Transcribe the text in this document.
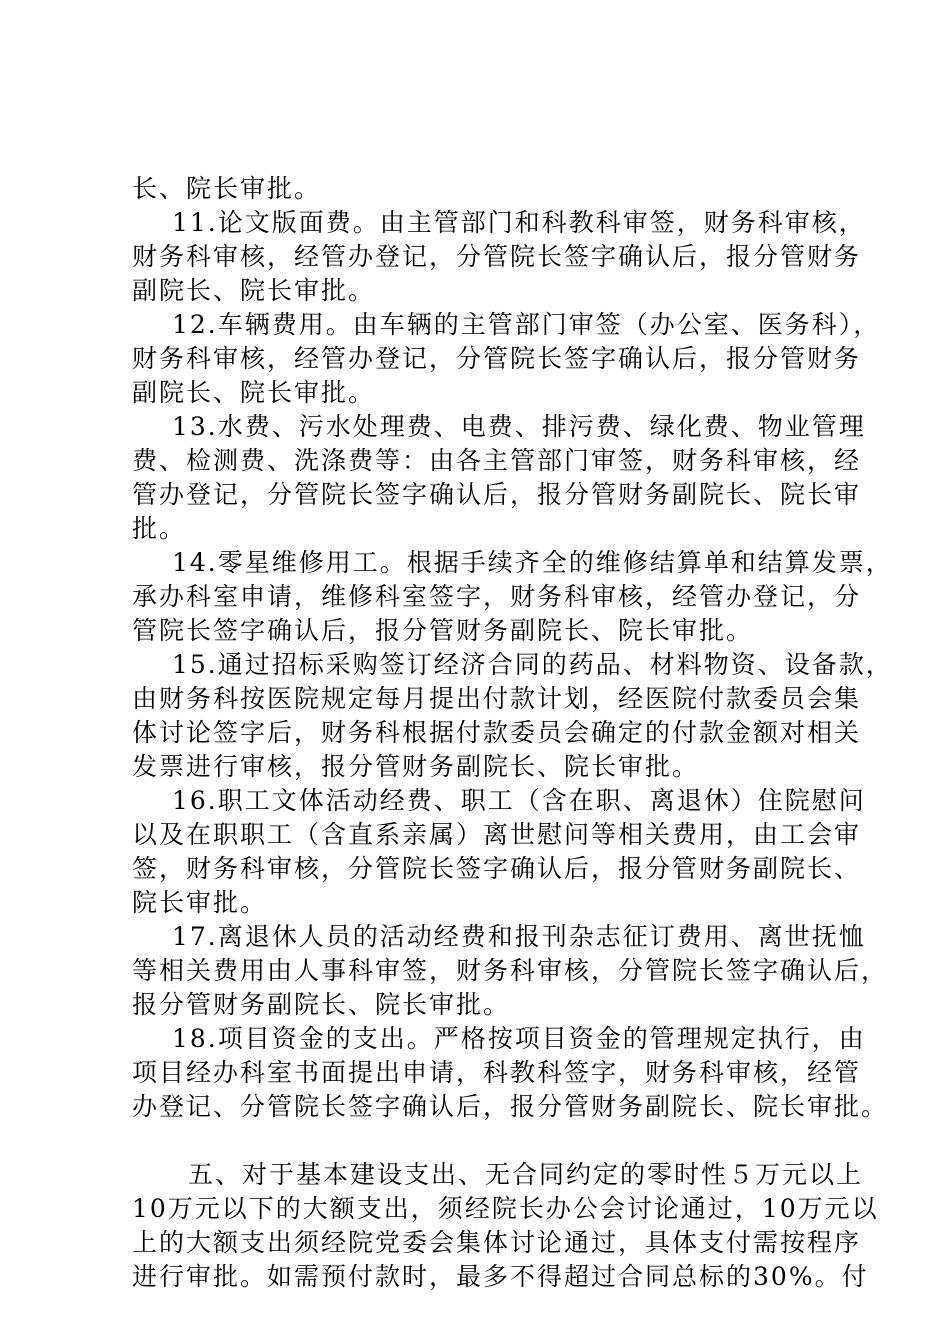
长、院长审批。
11.论文版面费。由主管部门和科教科审签，财务科审核，
财务科审核，经管办登记，分管院长签字确认后，报分管财务
副院长、院长审批。
12.车辆费用。由车辆的主管部门审签（办公室、医务科），
财务科审核，经管办登记，分管院长签字确认后，报分管财务
副院长、院长审批。
13.水费、污水处理费、电费、排污费、绿化费、物业管理
费、检测费、洗涤费等：由各主管部门审签，财务科审核，经
管办登记，分管院长签字确认后，报分管财务副院长、院长审
批。
14.零星维修用工。根据手续齐全的维修结算单和结算发票，
承办科室申请，维修科室签字，财务科审核，经管办登记，分
管院长签字确认后，报分管财务副院长、院长审批。
15.通过招标采购签订经济合同的药品、材料物资、设备款，
由财务科按医院规定每月提出付款计划，经医院付款委员会集
体讨论签字后，财务科根据付款委员会确定的付款金额对相关
发票进行审核，报分管财务副院长、院长审批。
16.职工文体活动经费、职工（含在职、离退休）住院慰问
以及在职职工（含直系亲属）离世慰问等相关费用，由工会审
签，财务科审核，分管院长签字确认后，报分管财务副院长、
院长审批。
17.离退休人员的活动经费和报刊杂志征订费用、离世抚恤
等相关费用由人事科审签，财务科审核，分管院长签字确认后，
报分管财务副院长、院长审批。
18.项目资金的支出。严格按项目资金的管理规定执行，由
项目经办科室书面提出申请，科教科签字，财务科审核，经管
办登记、分管院长签字确认后，报分管财务副院长、院长审批。
五、对于基本建设支出、无合同约定的零时性５万元以上
10万元以下的大额支出，须经院长办公会讨论通过，10万元以
上的大额支出须经院党委会集体讨论通过，具体支付需按程序
进行审批。如需预付款时，最多不得超过合同总标的30%。付
